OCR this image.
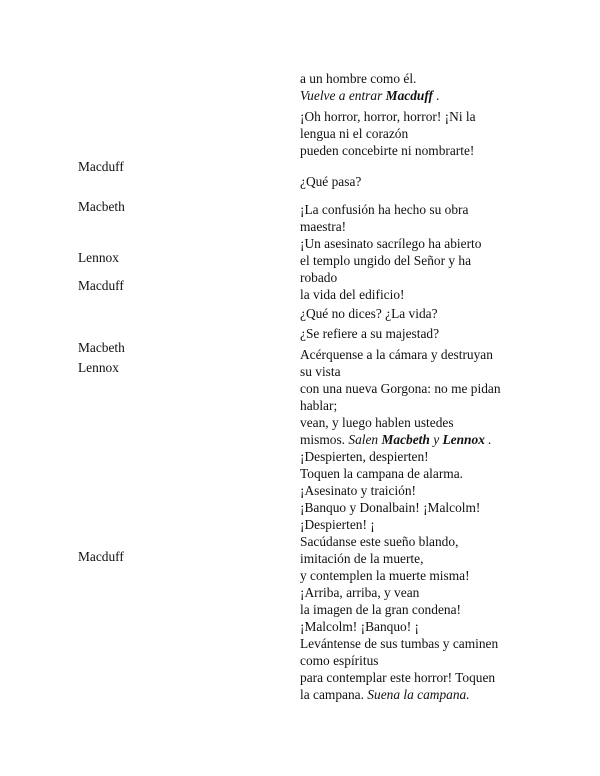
a un hombre como él.
Vuelve a entrar Macduff .

Macduff

¡Oh horror, horror, horror! ¡Ni la
lengua ni el corazón
pueden concebirte ni nombrarte!

Macbeth

Lennox

¿Qué pasa?

Macduff

¡La confusión ha hecho su obra
maestra!
¡Un asesinato sacrílego ha abierto
el templo ungido del Señor y ha
robado
la vida del edificio!

Macbeth

¿Qué no dices? ¿La vida?

Lennox

¿Se refiere a su majestad?

Macduff

Acérquense a la cámara y destruyan
su vista
con una nueva Gorgona: no me pidan
hablar;
vean, y luego hablen ustedes
mismos. Salen Macbeth y Lennox .
¡Despierten, despierten!
Toquen la campana de alarma.
¡Asesinato y traición!
¡Banquo y Donalbain! ¡Malcolm!
¡Despierten! ¡
Sacúdanse este sueño blando,
imitación de la muerte,
y contemplen la muerte misma!
¡Arriba, arriba, y vean
la imagen de la gran condena!
¡Malcolm! ¡Banquo! ¡
Levántense de sus tumbas y caminen
como espíritus
para contemplar este horror! Toquen
la campana. Suena la campana.
